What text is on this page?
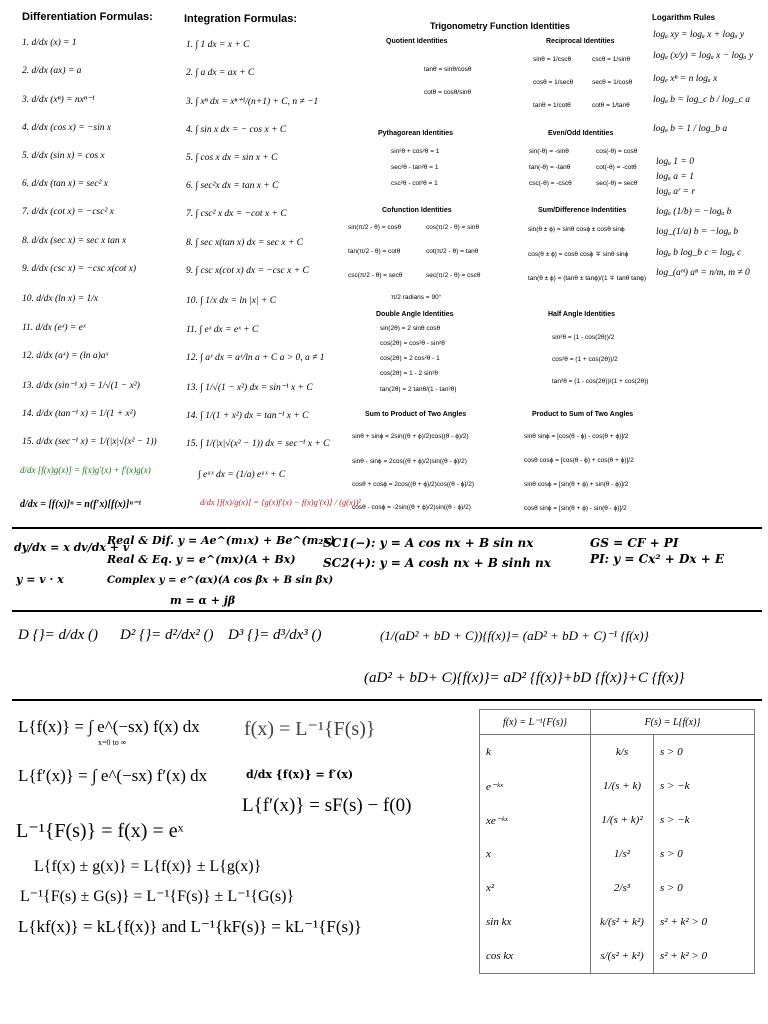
Differentiation Formulas:	Integration Formulas:
Trigonometry Function Identities
Logarithm Rules
1. d/dx (x) = 1
2. d/dx (ax) = a
3. d/dx (xⁿ) = nxⁿ⁻¹
4. d/dx (cos x) = −sin x
5. d/dx (sin x) = cos x
6. d/dx (tan x) = sec² x
7. d/dx (cot x) = −csc² x
8. d/dx (sec x) = sec x tan x
9. d/dx (csc x) = −csc x(cot x)
10. d/dx (ln x) = 1/x
11. d/dx (eˣ) = eˣ
12. d/dx (aˣ) = (ln a)aˣ
13. d/dx (sin⁻¹ x) = 1/√(1 − x²)
14. d/dx (tan⁻¹ x) = 1/(1 + x²)
15. d/dx (sec⁻¹ x) = 1/(|x|√(x² − 1))
d/dx [f(x)g(x)] = f(x)g′(x) + f′(x)g(x)
d/dx = [f(x)]ⁿ = n(f′x)[f(x)]ⁿ⁻¹
1. ∫ 1 dx = x + C
2. ∫ a dx = ax + C
3. ∫ xⁿ dx = xⁿ⁺¹/(n+1) + C, n ≠ −1
4. ∫ sin x dx = − cos x + C
5. ∫ cos x dx = sin x + C
6. ∫ sec²x dx = tan x + C
7. ∫ csc² x dx = −cot x + C
8. ∫ sec x(tan x) dx = sec x + C
9. ∫ csc x(cot x) dx = −csc x + C
10. ∫ 1/x dx = ln |x| + C
11. ∫ eˣ dx = eˣ + C
12. ∫ aˣ dx = aˣ/ln a + C a > 0, a ≠ 1
13. ∫ 1/√(1 − x²) dx = sin⁻¹ x + C
14. ∫ 1/(1 + x²) dx = tan⁻¹ x + C
15. ∫ 1/(|x|√(x² − 1)) dx = sec⁻¹ x + C
∫ eᵃˣ dx = (1/a) eᵃˣ + C
d/dx [f(x)/g(x)] = [g(x)f′(x) − f(x)g′(x)] / (g(x))²
Quotient Identities
tanθ = sinθ/cosθ
cotθ = cosθ/sinθ
Reciprocal Identities
sinθ = 1/cscθ	cscθ = 1/sinθ
cosθ = 1/secθ	secθ = 1/cosθ
tanθ = 1/cotθ	cotθ = 1/tanθ
Pythagorean Identities
sin²θ + cos²θ = 1
sec²θ - tan²θ = 1
csc²θ - cot²θ = 1
Even/Odd Identities
sin(-θ) = -sinθ	cos(-θ) = cosθ
tan(-θ) = -tanθ	cot(-θ) = -cotθ
csc(-θ) = -cscθ	sec(-θ) = secθ
Cofunction Identities
sin(π/2 - θ) = cosθ	cos(π/2 - θ) = sinθ
tan(π/2 - θ) = cotθ	cot(π/2 - θ) = tanθ
csc(π/2 - θ) = secθ	sec(π/2 - θ) = cscθ
π/2 radians = 90°
Sum/Difference Indentities
sin(θ ± ϕ) = sinθ cosϕ ± cosθ sinϕ
cos(θ ± ϕ) = cosθ cosϕ ∓ sinθ sinϕ
tan(θ ± ϕ) = (tanθ ± tanϕ)/(1 ∓ tanθ tanϕ)
Double Angle Identities
sin(2θ) = 2 sinθ cosθ
cos(2θ) = cos²θ - sin²θ
cos(2θ) = 2 cos²θ - 1
cos(2θ) = 1 - 2 sin²θ
tan(2θ) = 2 tanθ/(1 - tan²θ)
Half Angle Identities
sin²θ = (1 - cos(2θ))/2
cos²θ = (1 + cos(2θ))/2
tan²θ = (1 - cos(2θ))/(1 + cos(2θ))
Sum to Product of Two Angles
sinθ + sinϕ = 2sin((θ + ϕ)/2)cos((θ - ϕ)/2)
sinθ - sinϕ = 2cos((θ + ϕ)/2)sin((θ - ϕ)/2)
cosθ + cosϕ = 2cos((θ + ϕ)/2)cos((θ - ϕ)/2)
cosθ - cosϕ = -2sin((θ + ϕ)/2)sin((θ - ϕ)/2)
Product to Sum of Two Angles
sinθ sinϕ = [cos(θ - ϕ) - cos(θ + ϕ)]/2
cosθ cosϕ = [cos(θ - ϕ) + cos(θ + ϕ)]/2
sinθ cosϕ = [sin(θ + ϕ) + sin(θ - ϕ)]/2
cosθ sinϕ = [sin(θ + ϕ) - sin(θ - ϕ)]/2
logₐ xy = logₐ x + logₐ y
logₐ (x/y) = logₐ x − logₐ y
logₐ xⁿ = n logₐ x
logₐ b = log_c b / log_c a
logₐ b = 1 / log_b a
logₐ 1 = 0
logₐ a = 1
logₐ aʳ = r
logₐ (1/b) = −logₐ b
log_(1/a) b = −logₐ b
logₐ b log_b c = logₐ c
log_(aᵐ) aⁿ = n/m, m ≠ 0
dy/dx = x dv/dx + v
y = v · x
Real & Dif. y = Ae^(m₁x) + Be^(m₂x)
Real & Eq. y = e^(mx)(A + Bx)
Complex y = e^(αx)(A cos βx + B sin βx)
m = α + jβ
SC1(−): y = A cos nx + B sin nx
SC2(+): y = A cosh nx + B sinh nx
GS = CF + PI
PI: y = Cx² + Dx + E
D {}= d/dx () D² {}= d²/dx² () D³ {}= d³/dx³ ()	(1/(aD² + bD + C)){f(x)}= (aD² + bD + C)⁻¹ {f(x)}
(aD² + bD+ C){f(x)}= aD² {f(x)}+bD {f(x)}+C {f(x)}
L{f(x)} = ∫ e^(−sx) f(x) dx
x=0 to ∞
f(x) = L⁻¹{F(s)}
L{f′(x)} = ∫ e^(−sx) f′(x) dx	d/dx {f(x)} = f′(x)
L{f′(x)} = sF(s) − f(0)
L⁻¹{F(s)} = f(x) = eˣ
L{f(x) ± g(x)} = L{f(x)} ± L{g(x)}
L⁻¹{F(s) ± G(s)} = L⁻¹{F(s)} ± L⁻¹{G(s)}
L{kf(x)} = kL{f(x)} and L⁻¹{kF(s)} = kL⁻¹{F(s)}
f(x) = L⁻¹{F(s)}	F(s) = L{f(x)}	
k	k/s	s > 0
e⁻ᵏˣ	1/(s + k)	s > −k
xe⁻ᵏˣ	1/(s + k)²	s > −k
x	1/s²	s > 0
x²	2/s³	s > 0
sin kx	k/(s² + k²)	s² + k² > 0
cos kx	s/(s² + k²)	s² + k² > 0
